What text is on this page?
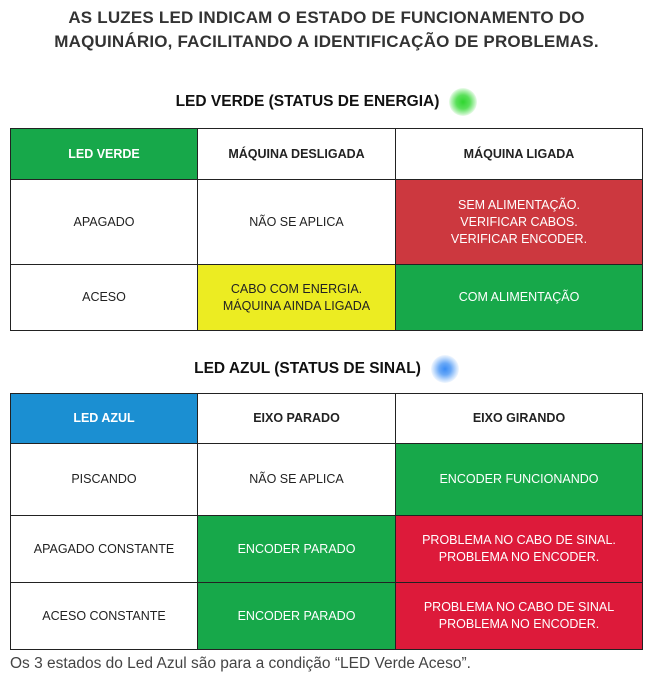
AS LUZES LED INDICAM O ESTADO DE FUNCIONAMENTO DO
MAQUINÁRIO, FACILITANDO A IDENTIFICAÇÃO DE PROBLEMAS.
LED VERDE (STATUS DE ENERGIA)
LED VERDE	MÁQUINA DESLIGADA	MÁQUINA LIGADA
APAGADO	NÃO SE APLICA	SEM ALIMENTAÇÃO.
VERIFICAR CABOS.
VERIFICAR ENCODER.

ACESO	CABO COM ENERGIA.
MÁQUINA AINDA LIGADA	COM ALIMENTAÇÃO
LED AZUL (STATUS DE SINAL)
LED AZUL	EIXO PARADO	EIXO GIRANDO
PISCANDO	NÃO SE APLICA	ENCODER FUNCIONANDO

APAGADO CONSTANTE	ENCODER PARADO	PROBLEMA NO CABO DE SINAL.
PROBLEMA NO ENCODER.

ACESO CONSTANTE	ENCODER PARADO	PROBLEMA NO CABO DE SINAL
PROBLEMA NO ENCODER.
Os 3 estados do Led Azul são para a condição “LED Verde Aceso”.
